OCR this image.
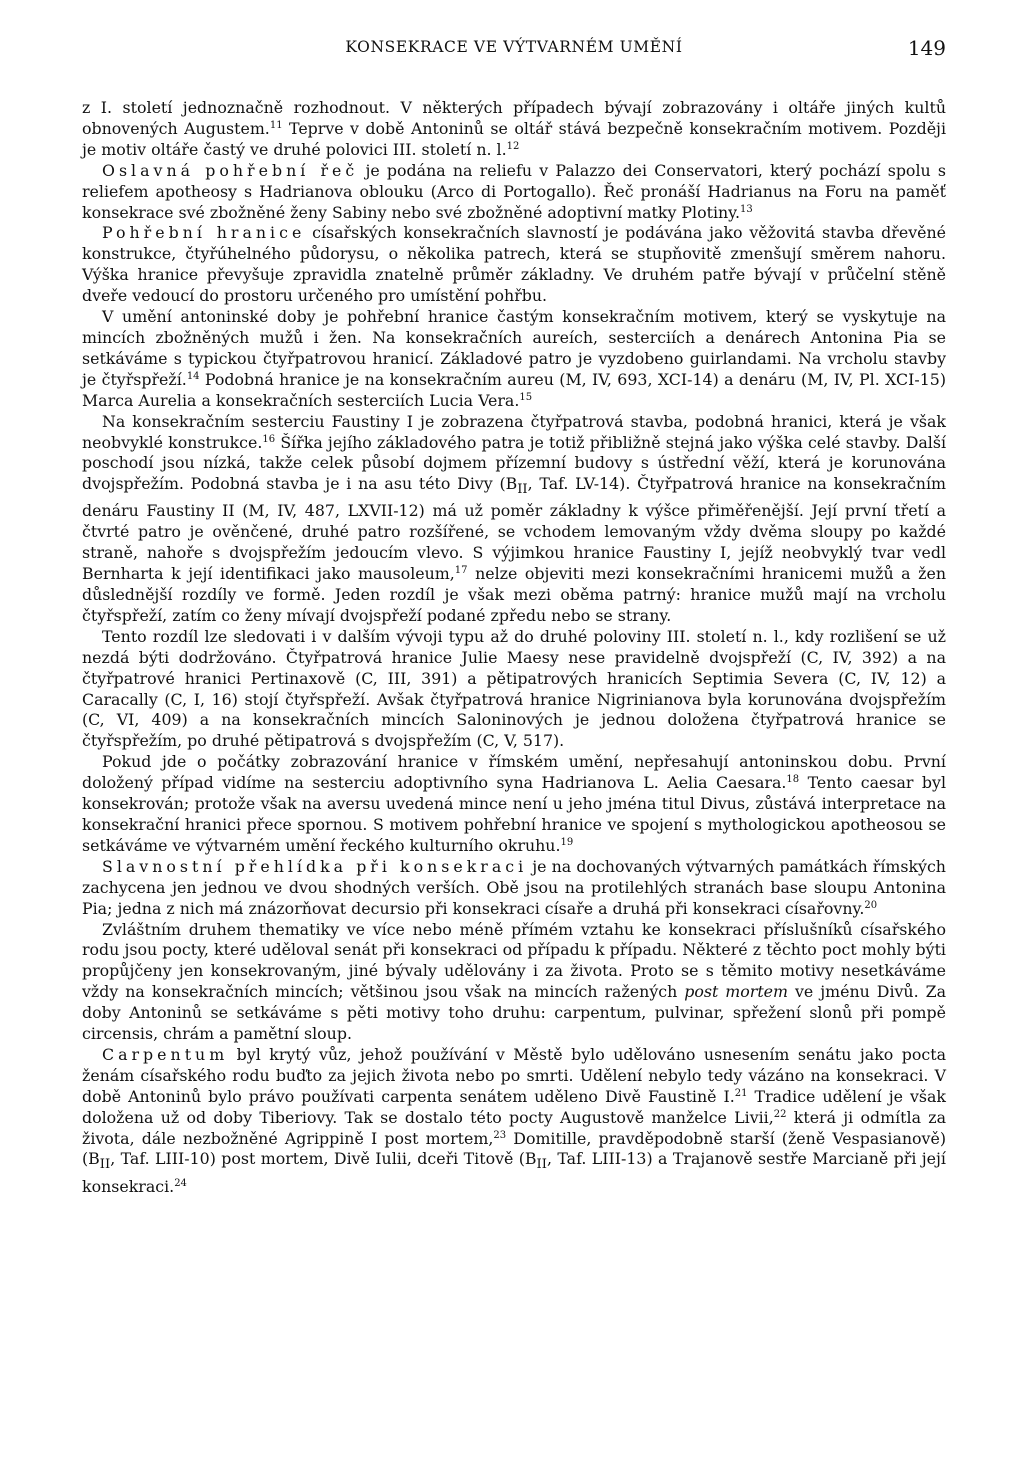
KONSEKRACE VE VÝTVARNÉM UMĚNÍ	149

z I. století jednoznačně rozhodnout. V některých případech bývají zobrazovány i oltáře jiných kultů obnovených Augustem.$^{11}$ Teprve v době Antoninů se oltář stává bezpečně konsekračním motivem. Později je motiv oltáře častý ve druhé polovici III. století n. l.$^{12}$

Oslavná pohřební řeč je podána na reliefu v Palazzo dei Conservatori, který pochází spolu s reliefem apotheosy s Hadrianova oblouku (Arco di Portogallo). Řeč pronáší Hadrianus na Foru na paměť konsekrace své zbožněné ženy Sabiny nebo své zbožněné adoptivní matky Plotiny.$^{13}$

Pohřební hranice císařských konsekračních slavností je podávána jako věžovitá stavba dřevěné konstrukce, čtyřúhelného půdorysu, o několika patrech, která se stupňovitě zmenšují směrem nahoru. Výška hranice převyšuje zpravidla znatelně průměr základny. Ve druhém patře bývají v průčelní stěně dveře vedoucí do prostoru určeného pro umístění pohřbu.

V umění antoninské doby je pohřební hranice častým konsekračním motivem, který se vyskytuje na mincích zbožněných mužů i žen. Na konsekračních aureích, sesterciích a denárech Antonina Pia se setkáváme s typickou čtyřpatrovou hranicí. Základové patro je vyzdobeno guirlandami. Na vrcholu stavby je čtyřspřeží.$^{14}$ Podobná hranice je na konsekračním aureu (M, IV, 693, XCI-14) a denáru (M, IV, Pl. XCI-15) Marca Aurelia a konsekračních sesterciích Lucia Vera.$^{15}$

Na konsekračním sesterciu Faustiny I je zobrazena čtyřpatrová stavba, podobná hranici, která je však neobvyklé konstrukce.$^{16}$ Šířka jejího základového patra je totiž přibližně stejná jako výška celé stavby. Další poschodí jsou nízká, takže celek působí dojmem přízemní budovy s ústřední věží, která je korunována dvojspřežím. Podobná stavba je i na asu této Divy ($B_{II}$, Taf. LV-14). Čtyřpatrová hranice na konsekračním denáru Faustiny II (M, IV, 487, LXVII-12) má už poměr základny k výšce přiměřenější. Její první třetí a čtvrté patro je ověnčené, druhé patro rozšířené, se vchodem lemovaným vždy dvěma sloupy po každé straně, nahoře s dvojspřežím jedoucím vlevo. S výjimkou hranice Faustiny I, jejíž neobvyklý tvar vedl Bernharta k její identifikaci jako mausoleum,$^{17}$ nelze objeviti mezi konsekračními hranicemi mužů a žen důslednější rozdíly ve formě. Jeden rozdíl je však mezi oběma patrný: hranice mužů mají na vrcholu čtyřspřeží, zatím co ženy mívají dvojspřeží podané zpředu nebo se strany.

Tento rozdíl lze sledovati i v dalším vývoji typu až do druhé poloviny III. století n. l., kdy rozlišení se už nezdá býti dodržováno. Čtyřpatrová hranice Julie Maesy nese pravidelně dvojspřeží (C, IV, 392) a na čtyřpatrové hranici Pertinaxově (C, III, 391) a pětipatrových hranicích Septimia Severa (C, IV, 12) a Caracally (C, I, 16) stojí čtyřspřeží. Avšak čtyřpatrová hranice Nigrinianova byla korunována dvojspřežím (C, VI, 409) a na konsekračních mincích Saloninových je jednou doložena čtyřpatrová hranice se čtyřspřežím, po druhé pětipatrová s dvojspřežím (C, V, 517).

Pokud jde o počátky zobrazování hranice v římském umění, nepřesahují antoninskou dobu. První doložený případ vidíme na sesterciu adoptivního syna Hadrianova L. Aelia Caesara.$^{18}$ Tento caesar byl konsekrován; protože však na aversu uvedená mince není u jeho jména titul Divus, zůstává interpretace na konsekrační hranici přece spornou. S motivem pohřební hranice ve spojení s mythologickou apotheosou se setkáváme ve výtvarném umění řeckého kulturního okruhu.$^{19}$

Slavnostní přehlídka při konsekraci je na dochovaných výtvarných památkách římských zachycena jen jednou ve dvou shodných verších. Obě jsou na protilehlých stranách base sloupu Antonina Pia; jedna z nich má znázorňovat decursio při konsekraci císaře a druhá při konsekraci císařovny.$^{20}$

Zvláštním druhem thematiky ve více nebo méně přímém vztahu ke konsekraci příslušníků císařského rodu jsou pocty, které uděloval senát při konsekraci od případu k případu. Některé z těchto poct mohly býti propůjčeny jen konsekrovaným, jiné bývaly udělovány i za života. Proto se s těmito motivy nesetkáváme vždy na konsekračních mincích; většinou jsou však na mincích ražených post mortem ve jménu Divů. Za doby Antoninů se setkáváme s pěti motivy toho druhu: carpentum, pulvinar, spřežení slonů při pompě circensis, chrám a pamětní sloup.

Carpentum byl krytý vůz, jehož používání v Městě bylo udělováno usnesením senátu jako pocta ženám císařského rodu buďto za jejich života nebo po smrti. Udělení nebylo tedy vázáno na konsekraci. V době Antoninů bylo právo používati carpenta senátem uděleno Divě Faustině I.$^{21}$ Tradice udělení je však doložena už od doby Tiberiovy. Tak se dostalo této pocty Augustově manželce Livii,$^{22}$ která ji odmítla za života, dále nezbožněné Agrippině I post mortem,$^{23}$ Domitille, pravděpodobně starší (ženě Vespasianově) ($B_{II}$, Taf. LIII-10) post mortem, Divě Iulii, dceři Titově ($B_{II}$, Taf. LIII-13) a Trajanově sestře Marcianě při její konsekraci.$^{24}$
